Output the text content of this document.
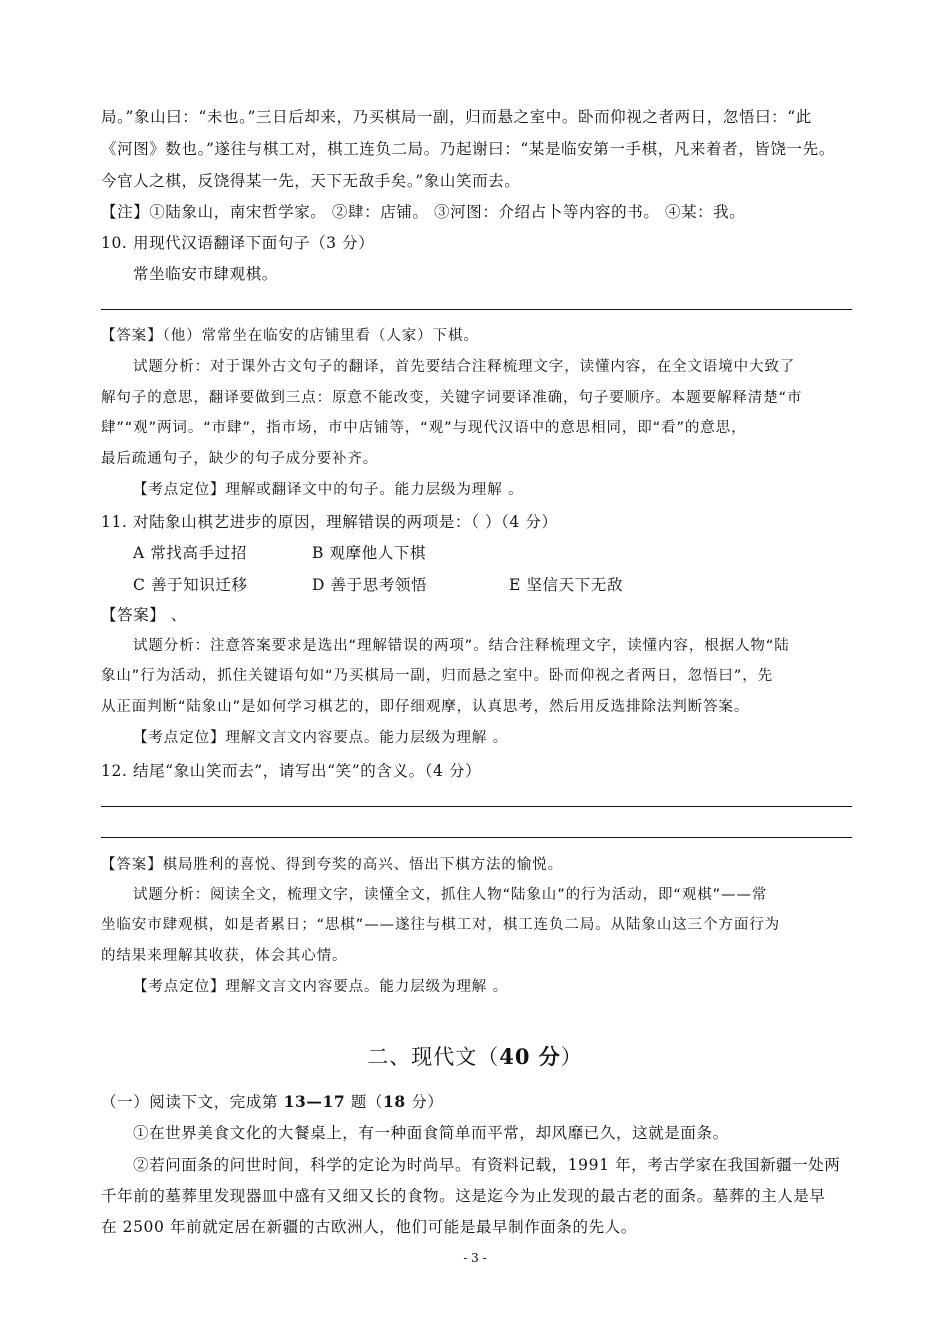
局。”象山曰：“未也。”三日后却来，乃买棋局一副，归而悬之室中。卧而仰视之者两日，忽悟曰：“此
《河图》数也。”遂往与棋工对，棋工连负二局。乃起谢曰：“某是临安第一手棋，凡来着者，皆饶一先。
今官人之棋，反饶得某一先，天下无敌手矣。”象山笑而去。
【注】①陆象山，南宋哲学家。 ②肆：店铺。 ③河图：介绍占卜等内容的书。 ④某：我。
10. 用现代汉语翻译下面句子（3 分）
常坐临安市肆观棋。
【答案】（他）常常坐在临安的店铺里看（人家）下棋。
试题分析：对于课外古文句子的翻译，首先要结合注释梳理文字，读懂内容，在全文语境中大致了
解句子的意思，翻译要做到三点：原意不能改变，关键字词要译准确，句子要顺序。本题要解释清楚“市
肆”“观”两词。“市肆”，指市场，市中店铺等，“观”与现代汉语中的意思相同，即“看”的意思，
最后疏通句子，缺少的句子成分要补齐。
【考点定位】理解或翻译文中的句子。能力层级为理解 。
11. 对陆象山棋艺进步的原因，理解错误的两项是：（ ）（4 分）
A 常找高手过招	B 观摩他人下棋
C 善于知识迁移	D 善于思考领悟	E 坚信天下无敌
【答案】 、
试题分析：注意答案要求是选出“理解错误的两项”。结合注释梳理文字，读懂内容，根据人物“陆
象山”行为活动，抓住关键语句如“乃买棋局一副，归而悬之室中。卧而仰视之者两日，忽悟曰”，先
从正面判断“陆象山”是如何学习棋艺的，即仔细观摩，认真思考，然后用反选排除法判断答案。
【考点定位】理解文言文内容要点。能力层级为理解 。
12. 结尾“象山笑而去”，请写出“笑”的含义。（4 分）
【答案】棋局胜利的喜悦、得到夸奖的高兴、悟出下棋方法的愉悦。
试题分析：阅读全文，梳理文字，读懂全文，抓住人物“陆象山”的行为活动，即“观棋”——常
坐临安市肆观棋，如是者累日；“思棋”——遂往与棋工对，棋工连负二局。从陆象山这三个方面行为
的结果来理解其收获，体会其心情。
【考点定位】理解文言文内容要点。能力层级为理解 。
二、现代文（40 分）
（一）阅读下文，完成第 13—17 题（18 分）
①在世界美食文化的大餐桌上，有一种面食简单而平常，却风靡已久，这就是面条。
②若问面条的问世时间，科学的定论为时尚早。有资料记载，1991 年，考古学家在我国新疆一处两
千年前的墓葬里发现器皿中盛有又细又长的食物。这是迄今为止发现的最古老的面条。墓葬的主人是早
在 2500 年前就定居在新疆的古欧洲人，他们可能是最早制作面条的先人。
- 3 -
